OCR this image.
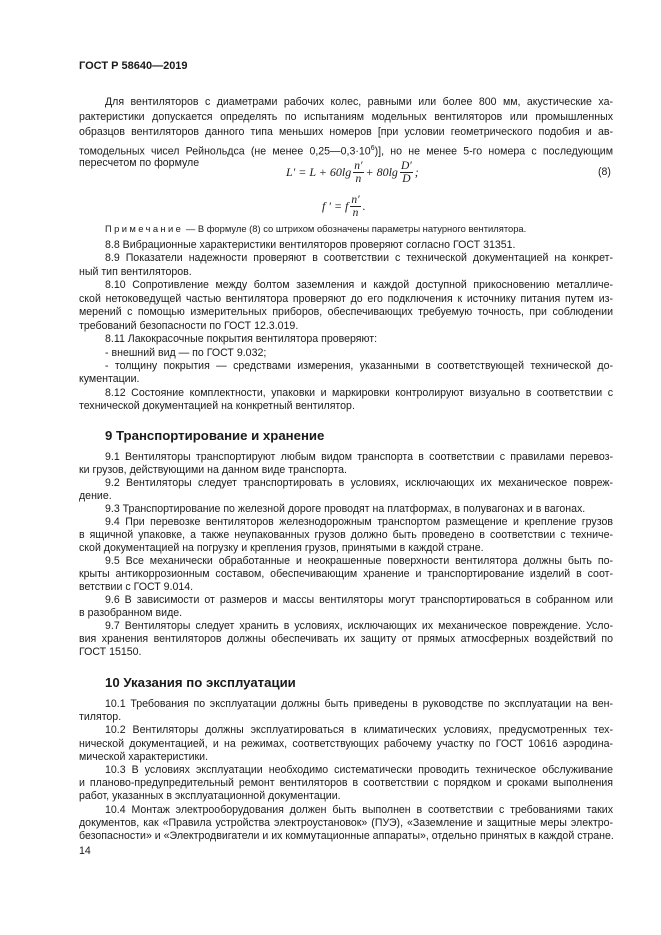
ГОСТ Р 58640—2019
Для вентиляторов с диаметрами рабочих колес, равными или более 800 мм, акустические ха-
рактеристики допускается определять по испытаниям модельных вентиляторов или промышленных
образцов вентиляторов данного типа меньших номеров [при условии геометрического подобия и ав-
томодельных чисел Рейнольдса (не менее $0,25—0,3\cdot 10^6$)], но не менее 5-го номера с последующим
пересчетом по формуле
$L' = L + 60\lg \frac{n'}{n} + 80\lg \frac{D'}{D}$ ;	(8)
f ′ = f $\frac{n'}{n}$ .
Примечание — В формуле (8) со штрихом обозначены параметры натурного вентилятора.
8.8 Вибрационные характеристики вентиляторов проверяют согласно ГОСТ 31351.
8.9 Показатели надежности проверяют в соответствии с технической документацией на конкрет-
ный тип вентиляторов.
8.10 Сопротивление между болтом заземления и каждой доступной прикосновению металличе-
ской нетоковедущей частью вентилятора проверяют до его подключения к источнику питания путем из-
мерений с помощью измерительных приборов, обеспечивающих требуемую точность, при соблюдении
требований безопасности по ГОСТ 12.3.019.
8.11 Лакокрасочные покрытия вентилятора проверяют:
- внешний вид — по ГОСТ 9.032;
- толщину покрытия — средствами измерения, указанными в соответствующей технической до-
кументации.
8.12 Состояние комплектности, упаковки и маркировки контролируют визуально в соответствии с
технической документацией на конкретный вентилятор.
9 Транспортирование и хранение
9.1 Вентиляторы транспортируют любым видом транспорта в соответствии с правилами перевоз-
ки грузов, действующими на данном виде транспорта.
9.2 Вентиляторы следует транспортировать в условиях, исключающих их механическое повреж-
дение.
9.3 Транспортирование по железной дороге проводят на платформах, в полувагонах и в вагонах.
9.4 При перевозке вентиляторов железнодорожным транспортом размещение и крепление грузов
в ящичной упаковке, а также неупакованных грузов должно быть проведено в соответствии с техниче-
ской документацией на погрузку и крепления грузов, принятыми в каждой стране.
9.5 Все механически обработанные и неокрашенные поверхности вентилятора должны быть по-
крыты антикоррозионным составом, обеспечивающим хранение и транспортирование изделий в соот-
ветствии с ГОСТ 9.014.
9.6 В зависимости от размеров и массы вентиляторы могут транспортироваться в собранном или
в разобранном виде.
9.7 Вентиляторы следует хранить в условиях, исключающих их механическое повреждение. Усло-
вия хранения вентиляторов должны обеспечивать их защиту от прямых атмосферных воздействий по
ГОСТ 15150.
10 Указания по эксплуатации
10.1 Требования по эксплуатации должны быть приведены в руководстве по эксплуатации на вен-
тилятор.
10.2 Вентиляторы должны эксплуатироваться в климатических условиях, предусмотренных тех-
нической документацией, и на режимах, соответствующих рабочему участку по ГОСТ 10616 аэродина-
мической характеристики.
10.3 В условиях эксплуатации необходимо систематически проводить техническое обслуживание
и планово-предупредительный ремонт вентиляторов в соответствии с порядком и сроками выполнения
работ, указанных в эксплуатационной документации.
10.4 Монтаж электрооборудования должен быть выполнен в соответствии с требованиями таких
документов, как «Правила устройства электроустановок» (ПУЭ), «Заземление и защитные меры электро-
безопасности» и «Электродвигатели и их коммутационные аппараты», отдельно принятых в каждой стране.
14
